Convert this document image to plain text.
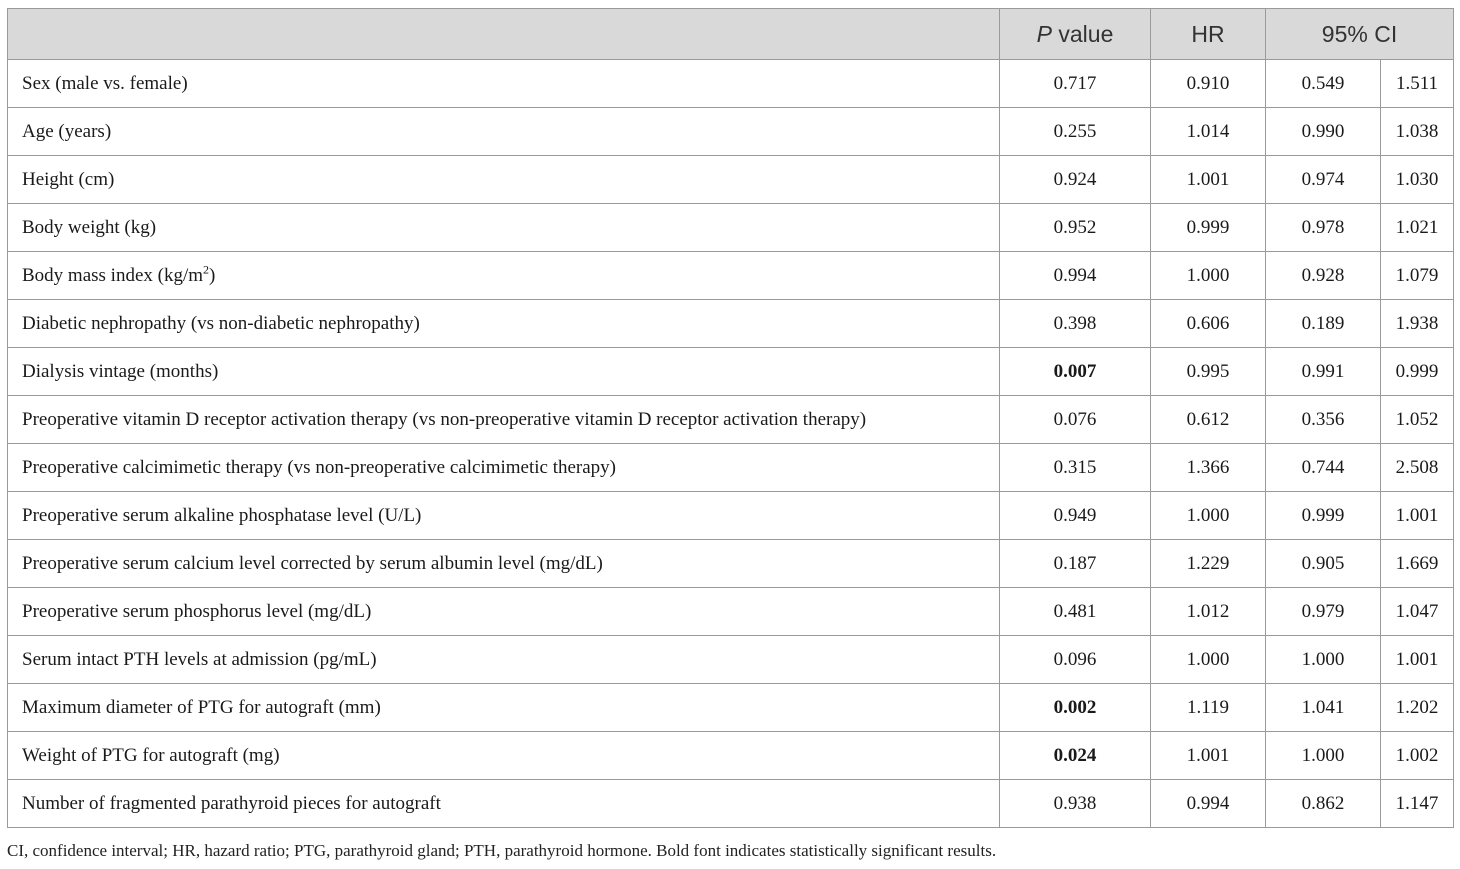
	P value	HR	95% CI	
Sex (male vs. female)	0.717	0.910	0.549	1.511
Age (years)	0.255	1.014	0.990	1.038
Height (cm)	0.924	1.001	0.974	1.030
Body weight (kg)	0.952	0.999	0.978	1.021
Body mass index $(kg/m^2)$	0.994	1.000	0.928	1.079
Diabetic nephropathy (vs non-diabetic nephropathy)	0.398	0.606	0.189	1.938
Dialysis vintage (months)	0.007	0.995	0.991	0.999
Preoperative vitamin D receptor activation therapy (vs non-preoperative vitamin D receptor activation therapy)	0.076	0.612	0.356	1.052
Preoperative calcimimetic therapy (vs non-preoperative calcimimetic therapy)	0.315	1.366	0.744	2.508
Preoperative serum alkaline phosphatase level (U/L)	0.949	1.000	0.999	1.001
Preoperative serum calcium level corrected by serum albumin level (mg/dL)	0.187	1.229	0.905	1.669
Preoperative serum phosphorus level (mg/dL)	0.481	1.012	0.979	1.047
Serum intact PTH levels at admission (pg/mL)	0.096	1.000	1.000	1.001
Maximum diameter of PTG for autograft (mm)	0.002	1.119	1.041	1.202
Weight of PTG for autograft (mg)	0.024	1.001	1.000	1.002
Number of fragmented parathyroid pieces for autograft	0.938	0.994	0.862	1.147
CI, confidence interval; HR, hazard ratio; PTG, parathyroid gland; PTH, parathyroid hormone. Bold font indicates statistically significant results.
